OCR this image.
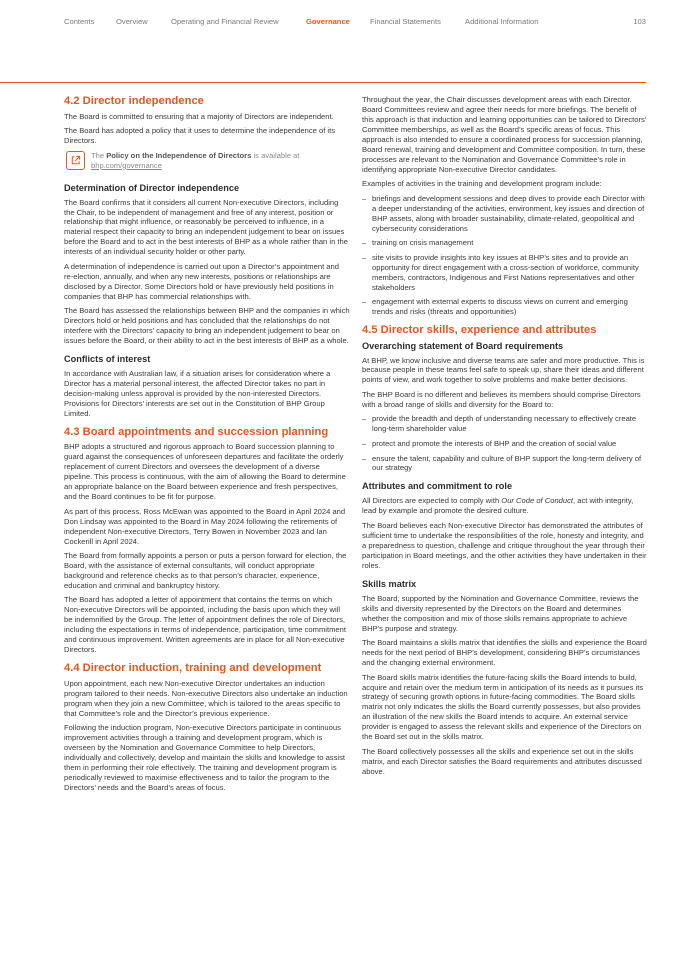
Contents	Overview	Operating and Financial Review	Governance	Financial Statements	Additional Information	103
4.2 Director independence

The Board is committed to ensuring that a majority of Directors are independent.

The Board has adopted a policy that it uses to determine the independence of its Directors.

The Policy on the Independence of Directors is available at
bhp.com/governance

Determination of Director independence

The Board confirms that it considers all current Non-executive Directors, including the Chair, to be independent of management and free of any interest, position or relationship that might influence, or reasonably be perceived to influence, in a material respect their capacity to bring an independent judgement to bear on issues before the Board and to act in the best interests of BHP as a whole rather than in the interests of an individual security holder or other party.

A determination of independence is carried out upon a Director’s appointment and re-election, annually, and when any new interests, positions or relationships are disclosed by a Director. Some Directors hold or have previously held positions in companies that BHP has commercial relationships with.

The Board has assessed the relationships between BHP and the companies in which Directors hold or held positions and has concluded that the relationships do not interfere with the Directors’ capacity to bring an independent judgement to bear on issues before the Board, or their ability to act in the best interests of BHP as a whole.

Conflicts of interest

In accordance with Australian law, if a situation arises for consideration where a Director has a material personal interest, the affected Director takes no part in decision-making unless approval is provided by the non-interested Directors. Provisions for Directors’ interests are set out in the Constitution of BHP Group Limited.

4.3 Board appointments and succession planning

BHP adopts a structured and rigorous approach to Board succession planning to guard against the consequences of unforeseen departures and facilitate the orderly replacement of current Directors and oversees the development of a diverse pipeline. This process is continuous, with the aim of allowing the Board to determine an appropriate balance on the Board between experience and fresh perspectives, and the Board continues to be fit for purpose.

As part of this process, Ross McEwan was appointed to the Board in April 2024 and Don Lindsay was appointed to the Board in May 2024 following the retirements of independent Non-executive Directors, Terry Bowen in November 2023 and Ian Cockerill in April 2024.

The Board from formally appoints a person or puts a person forward for election, the Board, with the assistance of external consultants, will conduct appropriate background and reference checks as to that person’s character, experience, education and criminal and bankruptcy history.

The Board has adopted a letter of appointment that contains the terms on which Non-executive Directors will be appointed, including the basis upon which they will be indemnified by the Group. The letter of appointment defines the role of Directors, including the expectations in terms of independence, participation, time commitment and continuous improvement. Written agreements are in place for all Non-executive Directors.

4.4 Director induction, training and development

Upon appointment, each new Non-executive Director undertakes an induction program tailored to their needs. Non-executive Directors also undertake an induction program when they join a new Committee, which is tailored to the areas specific to that Committee’s role and the Director’s previous experience.

Following the induction program, Non-executive Directors participate in continuous improvement activities through a training and development program, which is overseen by the Nomination and Governance Committee to help Directors, individually and collectively, develop and maintain the skills and knowledge to assist them in performing their role effectively. The training and development program is periodically reviewed to maximise effectiveness and to tailor the program to the Directors’ needs and the Board’s areas of focus.

Throughout the year, the Chair discusses development areas with each Director. Board Committees review and agree their needs for more briefings. The benefit of this approach is that induction and learning opportunities can be tailored to Directors’ Committee memberships, as well as the Board’s specific areas of focus. This approach is also intended to ensure a coordinated process for succession planning, Board renewal, training and development and Committee composition. In turn, these processes are relevant to the Nomination and Governance Committee’s role in identifying appropriate Non-executive Director candidates.

Examples of activities in the training and development program include:

– briefings and development sessions and deep dives to provide each Director with a deeper understanding of the activities, environment, key issues and direction of BHP assets, along with broader sustainability, climate-related, geopolitical and cybersecurity considerations
– training on crisis management
– site visits to provide insights into key issues at BHP’s sites and to provide an opportunity for direct engagement with a cross-section of workforce, community members, contractors, Indigenous and First Nations representatives and other stakeholders
– engagement with external experts to discuss views on current and emerging trends and risks (threats and opportunities)
4.5 Director skills, experience and attributes
Overarching statement of Board requirements

At BHP, we know inclusive and diverse teams are safer and more productive. This is because people in these teams feel safe to speak up, share their ideas and different points of view, and work together to solve problems and make better decisions.

The BHP Board is no different and believes its members should comprise Directors with a broad range of skills and diversity for the Board to:

– provide the breadth and depth of understanding necessary to effectively create long-term shareholder value
– protect and promote the interests of BHP and the creation of social value
– ensure the talent, capability and culture of BHP support the long-term delivery of our strategy
Attributes and commitment to role

All Directors are expected to comply with Our Code of Conduct, act with integrity, lead by example and promote the desired culture.

The Board believes each Non-executive Director has demonstrated the attributes of sufficient time to undertake the responsibilities of the role, honesty and integrity, and a preparedness to question, challenge and critique throughout the year through their participation in Board meetings, and the other activities they have undertaken in their roles.

Skills matrix

The Board, supported by the Nomination and Governance Committee, reviews the skills and diversity represented by the Directors on the Board and determines whether the composition and mix of those skills remains appropriate to achieve BHP’s purpose and strategy.

The Board maintains a skills matrix that identifies the skills and experience the Board needs for the next period of BHP’s development, considering BHP’s circumstances and the changing external environment.

The Board skills matrix identifies the future-facing skills the Board intends to build, acquire and retain over the medium term in anticipation of its needs as it pursues its strategy of securing growth options in future-facing commodities. The Board skills matrix not only indicates the skills the Board currently possesses, but also provides an illustration of the new skills the Board intends to acquire. An external service provider is engaged to assess the relevant skills and experience of the Directors on the Board set out in the skills matrix.

The Board collectively possesses all the skills and experience set out in the skills matrix, and each Director satisfies the Board requirements and attributes discussed above.
